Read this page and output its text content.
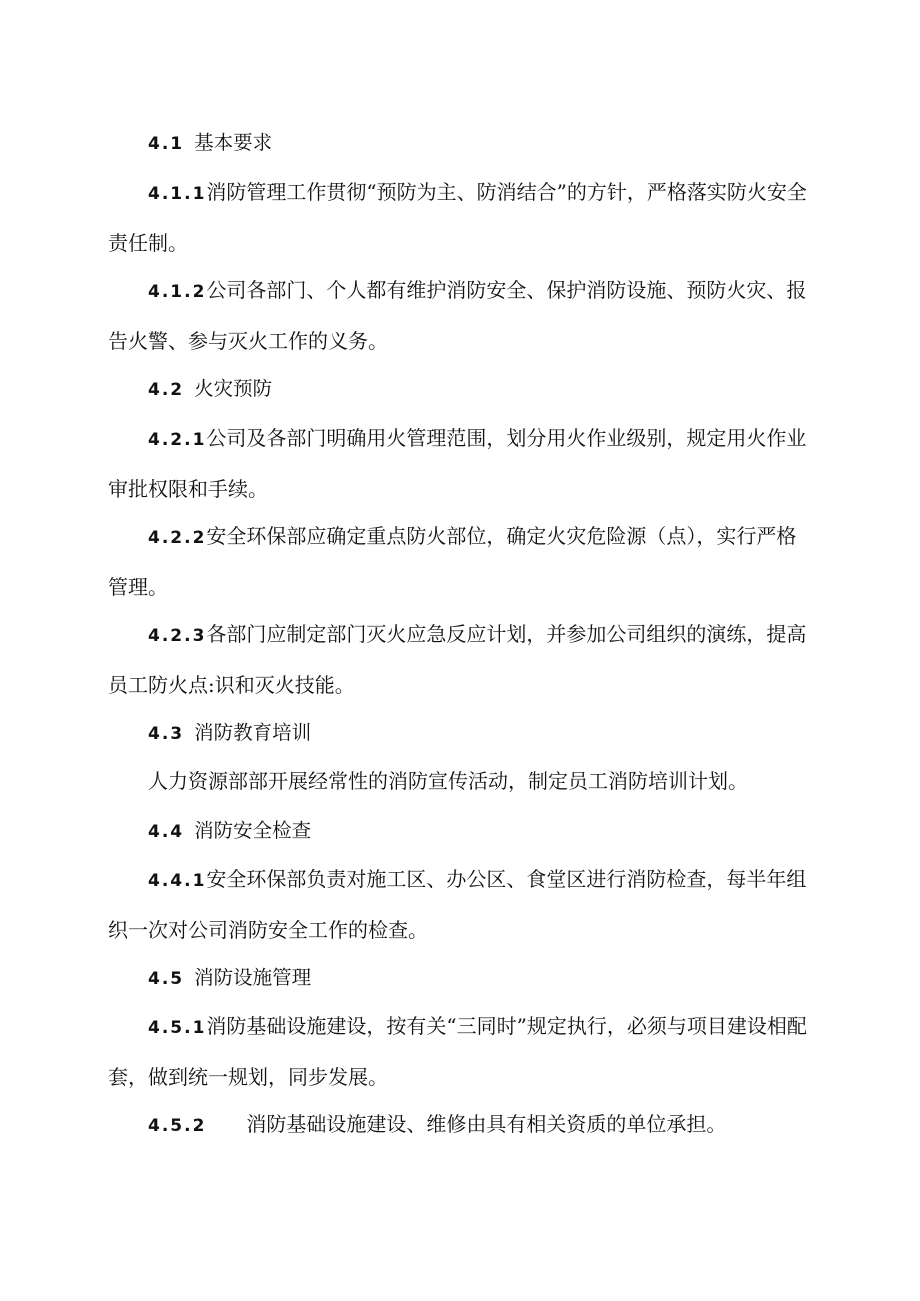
4.1 基本要求

4.1.1消防管理工作贯彻“预防为主、防消结合”的方针，严格落实防火安全责任制。

4.1.2公司各部门、个人都有维护消防安全、保护消防设施、预防火灾、报告火警、参与灭火工作的义务。

4.2 火灾预防

4.2.1公司及各部门明确用火管理范围，划分用火作业级别，规定用火作业审批权限和手续。

4.2.2安全环保部应确定重点防火部位，确定火灾危险源（点），实行严格管理。

4.2.3各部门应制定部门灭火应急反应计划，并参加公司组织的演练，提高员工防火点:识和灭火技能。

4.3 消防教育培训

人力资源部部开展经常性的消防宣传活动，制定员工消防培训计划。

4.4 消防安全检查

4.4.1安全环保部负责对施工区、办公区、食堂区进行消防检查，每半年组织一次对公司消防安全工作的检查。

4.5 消防设施管理

4.5.1消防基础设施建设，按有关“三同时”规定执行，必须与项目建设相配套，做到统一规划，同步发展。

4.5.2 消防基础设施建设、维修由具有相关资质的单位承担。
